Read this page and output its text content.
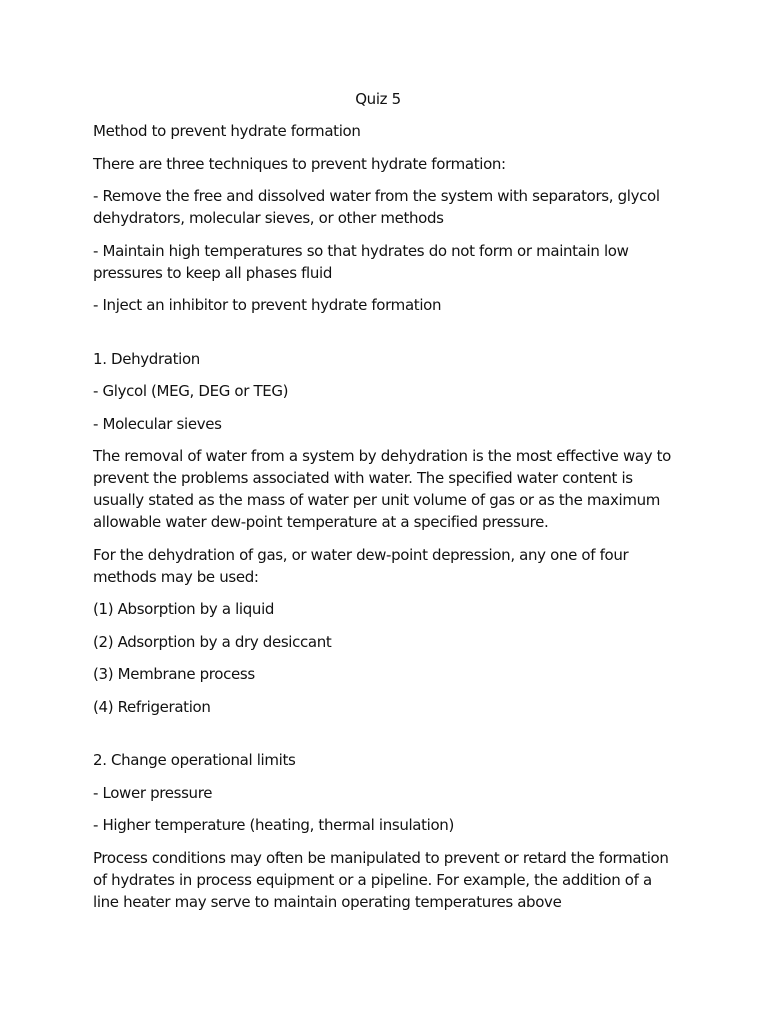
Quiz 5

Method to prevent hydrate formation

There are three techniques to prevent hydrate formation:

- Remove the free and dissolved water from the system with separators, glycol dehydrators, molecular sieves, or other methods

- Maintain high temperatures so that hydrates do not form or maintain low pressures to keep all phases fluid

- Inject an inhibitor to prevent hydrate formation

1. Dehydration

- Glycol (MEG, DEG or TEG)

- Molecular sieves

The removal of water from a system by dehydration is the most effective way to prevent the problems associated with water. The specified water content is usually stated as the mass of water per unit volume of gas or as the maximum allowable water dew-point temperature at a specified pressure.

For the dehydration of gas, or water dew-point depression, any one of four methods may be used:

(1) Absorption by a liquid

(2) Adsorption by a dry desiccant

(3) Membrane process

(4) Refrigeration

2. Change operational limits

- Lower pressure

- Higher temperature (heating, thermal insulation)

Process conditions may often be manipulated to prevent or retard the formation of hydrates in process equipment or a pipeline. For example, the addition of a line heater may serve to maintain operating temperatures above
